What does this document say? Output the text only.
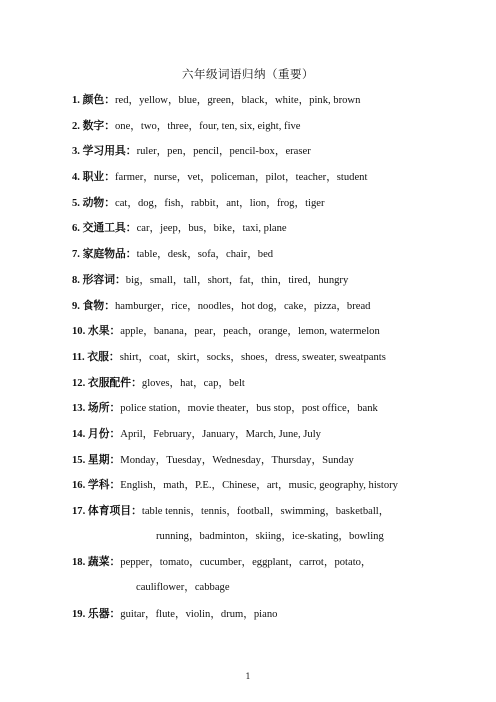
六年级词语归纳（重要）
1. 颜色：red，yellow，blue，green，black，white，pink, brown
2. 数字：one，two，three，four, ten, six, eight, five
3. 学习用具：ruler，pen，pencil，pencil-box，eraser
4. 职业：farmer，nurse，vet，policeman，pilot，teacher，student
5. 动物：cat，dog，fish，rabbit，ant，lion，frog，tiger
6. 交通工具：car，jeep，bus，bike，taxi, plane
7. 家庭物品：table，desk，sofa，chair，bed
8. 形容词：big，small，tall，short，fat，thin，tired，hungry
9. 食物：hamburger，rice，noodles，hot dog，cake，pizza，bread
10. 水果：apple，banana，pear，peach，orange，lemon, watermelon
11. 衣服：shirt，coat，skirt，socks，shoes，dress, sweater, sweatpants
12. 衣服配件：gloves，hat，cap，belt
13. 场所：police station，movie theater，bus stop，post office，bank
14. 月份：April，February，January，March, June, July
15. 星期：Monday，Tuesday，Wednesday，Thursday，Sunday
16. 学科：English，math，P.E.，Chinese，art，music, geography, history
17. 体育项目：table tennis，tennis，football，swimming，basketball，
running，badminton，skiing，ice-skating，bowling
18. 蔬菜：pepper，tomato，cucumber，eggplant，carrot，potato，
cauliflower，cabbage
19. 乐器：guitar，flute，violin，drum，piano
1
